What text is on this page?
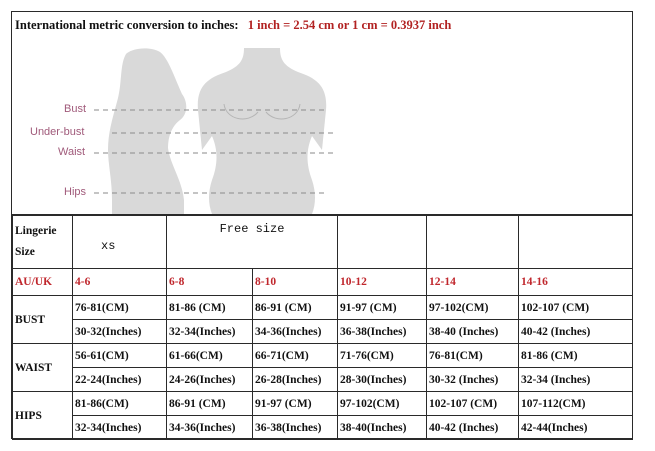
International metric conversion to inches: 1 inch = 2.54 cm or 1 cm = 0.3937 inch
Bust
Under-bust
Waist
Hips
Lingerie
Size	xs	Free size				
AU/UK	4-6	6-8	8-10	10-12	12-14	14-16
BUST	76-81(CM)	81-86 (CM)	86-91 (CM)	91-97 (CM)	97-102(CM)	102-107 (CM)
	30-32(Inches)	32-34(Inches)	34-36(Inches)	36-38(Inches)	38-40 (Inches)	40-42 (Inches)
WAIST	56-61(CM)	61-66(CM)	66-71(CM)	71-76(CM)	76-81(CM)	81-86 (CM)
	22-24(Inches)	24-26(Inches)	26-28(Inches)	28-30(Inches)	30-32 (Inches)	32-34 (Inches)
HIPS	81-86(CM)	86-91 (CM)	91-97 (CM)	97-102(CM)	102-107 (CM)	107-112(CM)
	32-34(Inches)	34-36(Inches)	36-38(Inches)	38-40(Inches)	40-42 (Inches)	42-44(Inches)
